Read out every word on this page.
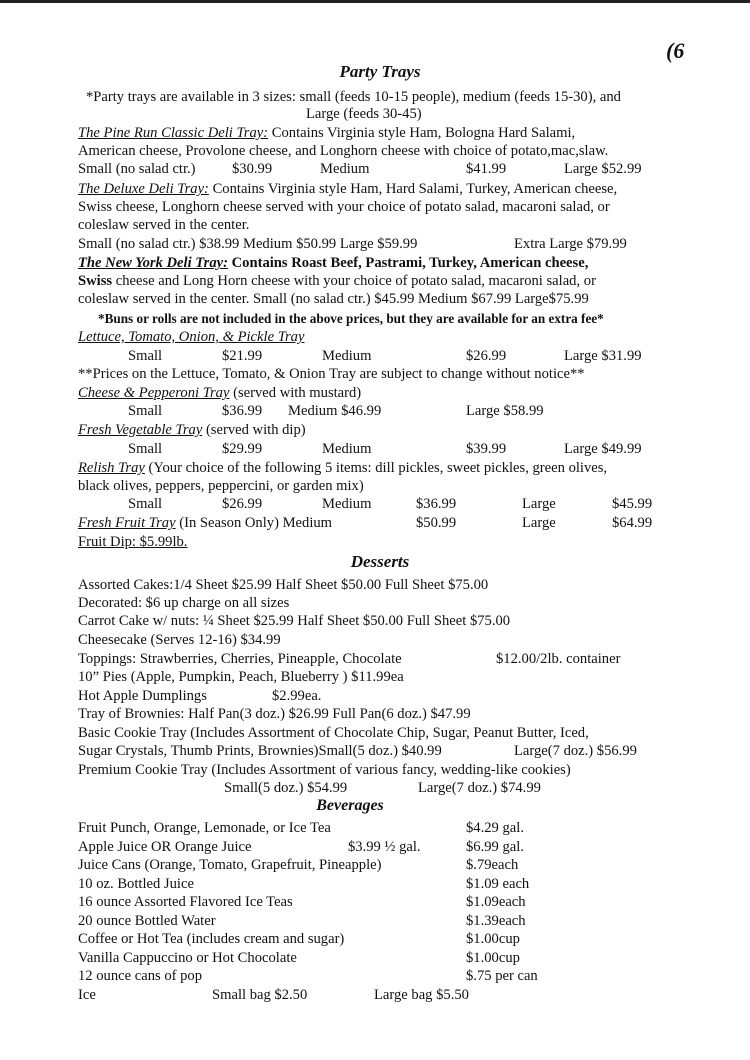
(6
Party Trays
*Party trays are available in 3 sizes: small (feeds 10-15 people), medium (feeds 15-30), and
Large (feeds 30-45)
The Pine Run Classic Deli Tray: Contains Virginia style Ham, Bologna Hard Salami,
American cheese, Provolone cheese, and Longhorn cheese with choice of potato,mac,slaw.
Small (no salad ctr.) $30.99	Medium	$41.99	Large $52.99
The Deluxe Deli Tray: Contains Virginia style Ham, Hard Salami, Turkey, American cheese,
Swiss cheese, Longhorn cheese served with your choice of potato salad, macaroni salad, or
coleslaw served in the center.
Small (no salad ctr.) $38.99 Medium $50.99 Large $59.99	Extra Large $79.99
The New York Deli Tray: Contains Roast Beef, Pastrami, Turkey, American cheese,
Swiss cheese and Long Horn cheese with your choice of potato salad, macaroni salad, or
coleslaw served in the center. Small (no salad ctr.) $45.99 Medium $67.99 Large$75.99
*Buns or rolls are not included in the above prices, but they are available for an extra fee*
Lettuce, Tomato, Onion, & Pickle Tray
Small	$21.99	Medium	$26.99	Large $31.99
**Prices on the Lettuce, Tomato, & Onion Tray are subject to change without notice**
Cheese & Pepperoni Tray (served with mustard)
Small	$36.99 Medium $46.99	Large $58.99
Fresh Vegetable Tray (served with dip)
Small	$29.99	Medium	$39.99	Large $49.99
Relish Tray (Your choice of the following 5 items: dill pickles, sweet pickles, green olives,
black olives, peppers, peppercini, or garden mix)
Small	$26.99	Medium	$36.99	Large	$45.99
Fresh Fruit Tray (In Season Only) Medium	$50.99	Large	$64.99
Fruit Dip: $5.99lb.
Desserts
Assorted Cakes:1/4 Sheet $25.99 Half Sheet $50.00 Full Sheet $75.00
Decorated: $6 up charge on all sizes
Carrot Cake w/ nuts: ¼ Sheet $25.99 Half Sheet $50.00 Full Sheet $75.00
Cheesecake (Serves 12-16) $34.99
Toppings: Strawberries, Cherries, Pineapple, Chocolate	$12.00/2lb. container
10” Pies (Apple, Pumpkin, Peach, Blueberry ) $11.99ea
Hot Apple Dumplings	$2.99ea.
Tray of Brownies: Half Pan(3 doz.) $26.99 Full Pan(6 doz.) $47.99
Basic Cookie Tray (Includes Assortment of Chocolate Chip, Sugar, Peanut Butter, Iced,
Sugar Crystals, Thumb Prints, Brownies)Small(5 doz.) $40.99	Large(7 doz.) $56.99
Premium Cookie Tray (Includes Assortment of various fancy, wedding-like cookies)
Small(5 doz.) $54.99	Large(7 doz.) $74.99
Beverages
Fruit Punch, Orange, Lemonade, or Ice Tea	$4.29 gal.
Apple Juice OR Orange Juice	$3.99 ½ gal.	$6.99 gal.
Juice Cans (Orange, Tomato, Grapefruit, Pineapple)	$.79each
10 oz. Bottled Juice	$1.09 each
16 ounce Assorted Flavored Ice Teas	$1.09each
20 ounce Bottled Water	$1.39each
Coffee or Hot Tea (includes cream and sugar)	$1.00cup
Vanilla Cappuccino or Hot Chocolate	$1.00cup
12 ounce cans of pop	$.75 per can
Ice	Small bag $2.50	Large bag $5.50
